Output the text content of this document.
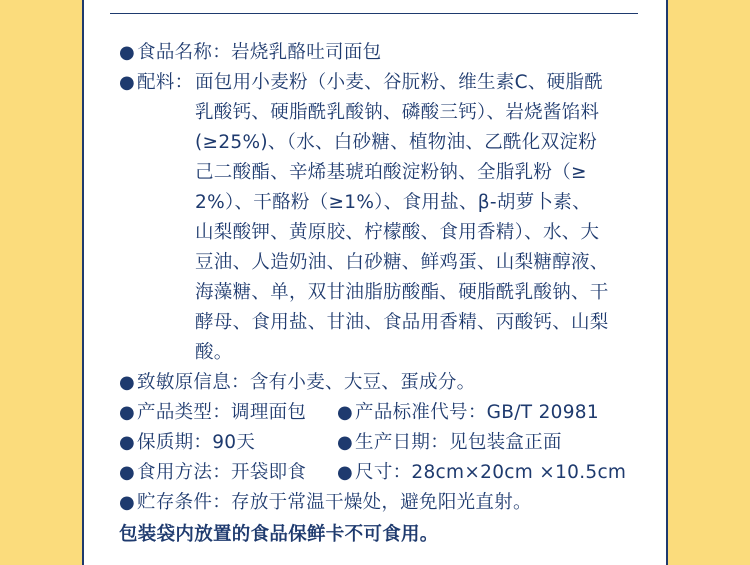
● 食品名称：岩烧乳酪吐司面包
● 配料： 面包用小麦粉（小麦、谷朊粉、维生素C、硬脂酰
乳酸钙、硬脂酰乳酸钠、磷酸三钙）、岩烧酱馅料
(≥25%)、（水、白砂糖、植物油、乙酰化双淀粉
己二酸酯、辛烯基琥珀酸淀粉钠、全脂乳粉（≥
2%）、干酪粉（≥1%）、食用盐、β-胡萝卜素、
山梨酸钾、黄原胶、柠檬酸、食用香精）、水、大
豆油、人造奶油、白砂糖、鲜鸡蛋、山梨糖醇液、
海藻糖、单，双甘油脂肪酸酯、硬脂酰乳酸钠、干
酵母、食用盐、甘油、食品用香精、丙酸钙、山梨
酸。
● 致敏原信息：含有小麦、大豆、蛋成分。
● 产品类型：调理面包 ● 产品标准代号：GB/T 20981
● 保质期：90天	● 生产日期：见包装盒正面
● 食用方法：开袋即食 ● 尺寸：28cm×20cm ×10.5cm
● 贮存条件：存放于常温干燥处，避免阳光直射。
包装袋内放置的食品保鲜卡不可食用。
